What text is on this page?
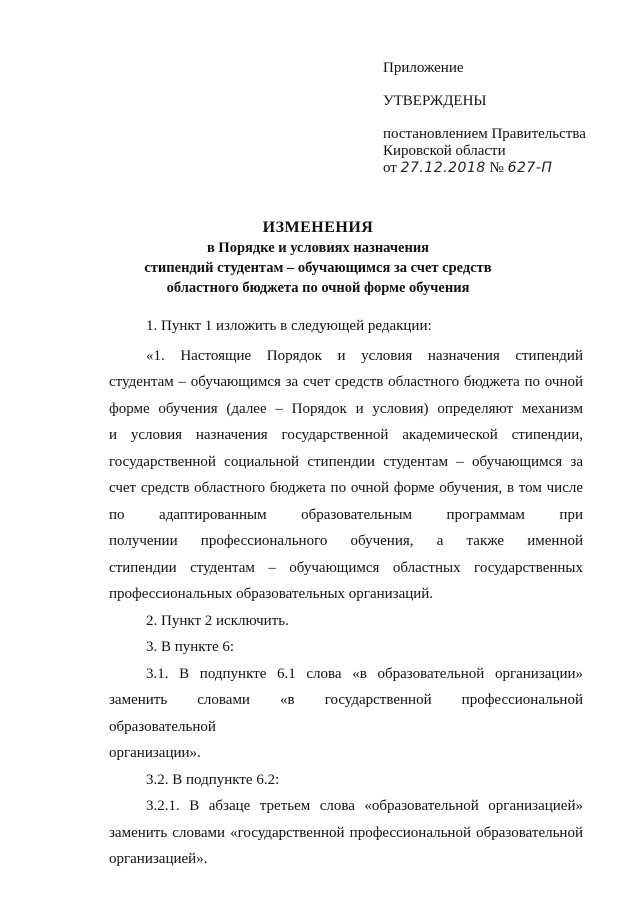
Приложение
УТВЕРЖДЕНЫ
постановлением Правительства
Кировской области
от 27.12.2018 № 627-П
ИЗМЕНЕНИЯ
в Порядке и условиях назначения
стипендий студентам – обучающимся за счет средств
областного бюджета по очной форме обучения

1. Пункт 1 изложить в следующей редакции:

«1. Настоящие Порядок и условия назначения стипендий

студентам – обучающимся за счет средств областного бюджета по очной

форме обучения (далее – Порядок и условия) определяют механизм

и условия назначения государственной академической стипендии,

государственной социальной стипендии студентам – обучающимся за

счет средств областного бюджета по очной форме обучения, в том числе

по адаптированным образовательным программам при

получении профессионального обучения, а также именной

стипендии студентам – обучающимся областных государственных

профессиональных образовательных организаций.

2. Пункт 2 исключить.

3. В пункте 6:

3.1. В подпункте 6.1 слова «в образовательной организации»

заменить словами «в государственной профессиональной образовательной

организации».

3.2. В подпункте 6.2:

3.2.1. В абзаце третьем слова «образовательной организацией»

заменить словами «государственной профессиональной образовательной

организацией».
